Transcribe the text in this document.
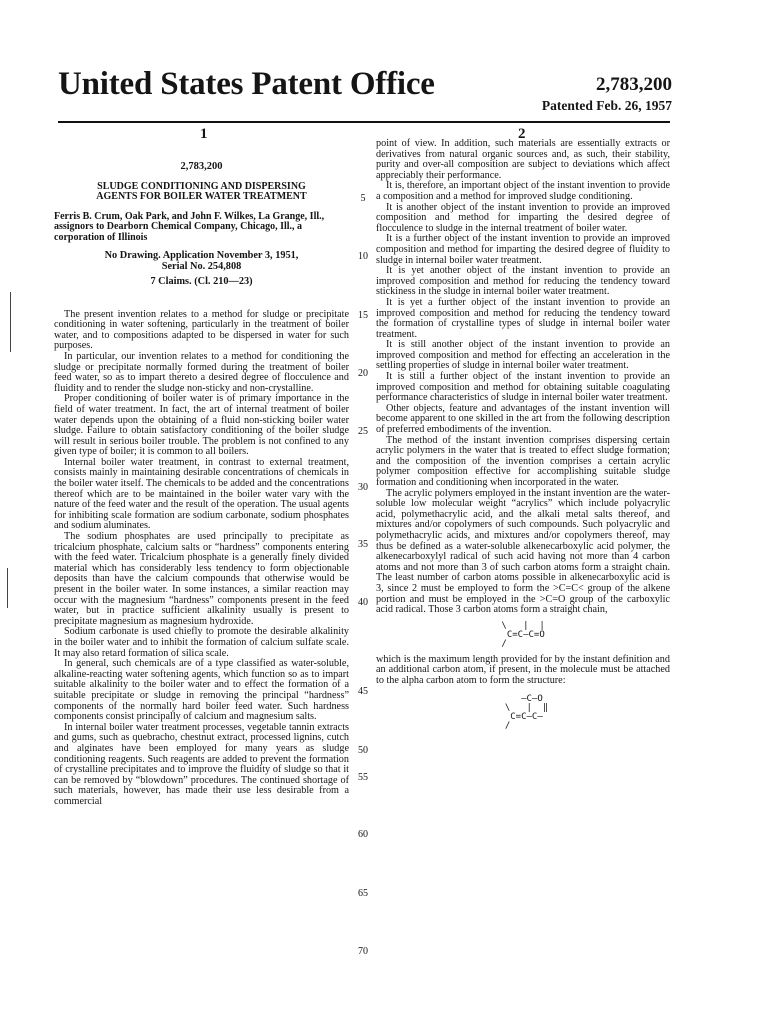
United States Patent Office	2,783,200
Patented Feb. 26, 1957
1	2
2,783,200
SLUDGE CONDITIONING AND DISPERSING
AGENTS FOR BOILER WATER TREATMENT
Ferris B. Crum, Oak Park, and John F. Wilkes, La Grange, Ill., assignors to Dearborn Chemical Company, Chicago, Ill., a corporation of Illinois
No Drawing. Application November 3, 1951,
Serial No. 254,808
7 Claims. (Cl. 210—23)

The present invention relates to a method for sludge or precipitate conditioning in water softening, particularly in the treatment of boiler water, and to compositions adapted to be dispersed in water for such purposes.

In particular, our invention relates to a method for conditioning the sludge or precipitate normally formed during the treatment of boiler feed water, so as to impart thereto a desired degree of flocculence and fluidity and to render the sludge non-sticky and non-crystalline.

Proper conditioning of boiler water is of primary importance in the field of water treatment. In fact, the art of internal treatment of boiler water depends upon the obtaining of a fluid non-sticking boiler water sludge. Failure to obtain satisfactory conditioning of the boiler sludge will result in serious boiler trouble. The problem is not confined to any given type of boiler; it is common to all boilers.

Internal boiler water treatment, in contrast to external treatment, consists mainly in maintaining desirable concentrations of chemicals in the boiler water itself. The chemicals to be added and the concentrations thereof which are to be maintained in the boiler water vary with the nature of the feed water and the result of the operation. The usual agents for inhibiting scale formation are sodium carbonate, sodium phosphates and sodium aluminates.

The sodium phosphates are used principally to precipitate as tricalcium phosphate, calcium salts or “hardness” components entering with the feed water. Tricalcium phosphate is a generally finely divided material which has considerably less tendency to form objectionable deposits than have the calcium compounds that otherwise would be present in the boiler water. In some instances, a similar reaction may occur with the magnesium “hardness” components present in the feed water, but in practice sufficient alkalinity usually is present to precipitate magnesium as magnesium hydroxide.

Sodium carbonate is used chiefly to promote the desirable alkalinity in the boiler water and to inhibit the formation of calcium sulfate scale. It may also retard formation of silica scale.

In general, such chemicals are of a type classified as water-soluble, alkaline-reacting water softening agents, which function so as to impart suitable alkalinity to the boiler water and to effect the formation of a suitable precipitate or sludge in removing the principal “hardness” components of the normally hard boiler feed water. Such hardness components consist principally of calcium and magnesium salts.

In internal boiler water treatment processes, vegetable tannin extracts and gums, such as quebracho, chestnut extract, processed lignins, cutch and alginates have been employed for many years as sludge conditioning reagents. Such reagents are added to prevent the formation of crystalline precipitates and to improve the fluidity of sludge so that it can be removed by “blowdown” procedures. The continued shortage of such materials, however, has made their use less desirable from a commercial

5
10
15
20
25
30
35
40
45
50
55
60
65
70

point of view. In addition, such materials are essentially extracts or derivatives from natural organic sources and, as such, their stability, purity and over-all composition are subject to deviations which affect appreciably their performance.

It is, therefore, an important object of the instant invention to provide a composition and a method for improved sludge conditioning.

It is another object of the instant invention to provide an improved composition and method for imparting the desired degree of flocculence to sludge in the internal treatment of boiler water.

It is a further object of the instant invention to provide an improved composition and method for imparting the desired degree of fluidity to sludge in internal boiler water treatment.

It is yet another object of the instant invention to provide an improved composition and method for reducing the tendency toward stickiness in the sludge in internal boiler water treatment.

It is yet a further object of the instant invention to provide an improved composition and method for reducing the tendency toward the formation of crystalline types of sludge in internal boiler water treatment.

It is still another object of the instant invention to provide an improved composition and method for effecting an acceleration in the settling properties of sludge in internal boiler water treatment.

It is still a further object of the instant invention to provide an improved composition and method for obtaining suitable coagulating performance characteristics of sludge in internal boiler water treatment.

Other objects, feature and advantages of the instant invention will become apparent to one skilled in the art from the following description of preferred embodiments of the invention.

The method of the instant invention comprises dispersing certain acrylic polymers in the water that is treated to effect sludge formation; and the composition of the invention comprises a certain acrylic polymer composition effective for accomplishing suitable sludge formation and conditioning when incorporated in the water.

The acrylic polymers employed in the instant invention are the water-soluble low molecular weight “acrylics” which include polyacrylic acid, polymethacrylic acid, and the alkali metal salts thereof, and mixtures and/or copolymers of such compounds. Such polyacrylic and polymethacrylic acids, and mixtures and/or copolymers thereof, may thus be defined as a water-soluble alkenecarboxylic acid polymer, the alkenecarboxylyl radical of such acid having not more than 4 carbon atoms and not more than 3 of such carbon atoms form a straight chain. The least number of carbon atoms possible in alkenecarboxylic acid is 3, since 2 must be employed to form the >C=C< group of the alkene portion and must be employed in the >C=O group of the carboxylic acid radical. Those 3 carbon atoms form a straight chain,

\   |  |
C=C—C=O
/

which is the maximum length provided for by the instant definition and an additional carbon atom, if present, in the molecule must be attached to the alpha carbon atom to form the structure:

—C—O
\   |  ‖
C=C—C—
/
